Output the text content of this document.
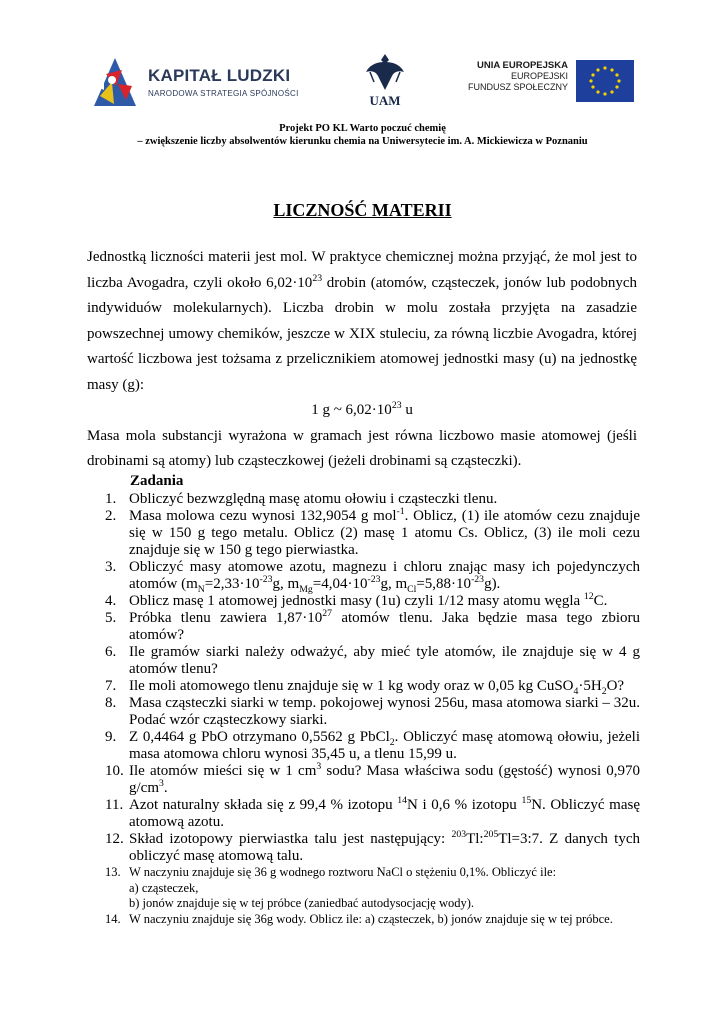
KAPITAŁ LUDZKI
NARODOWA STRATEGIA SPÓJNOŚCI	UAM
UNIA EUROPEJSKA
EUROPEJSKI
FUNDUSZ SPOŁECZNY
Projekt PO KL Warto poczuć chemię
– zwiększenie liczby absolwentów kierunku chemia na Uniwersytecie im. A. Mickiewicza w Poznaniu
LICZNOŚĆ MATERII

Jednostką liczności materii jest mol. W praktyce chemicznej można przyjąć, że mol jest to liczba Avogadra, czyli około $6,02\cdot 10^{23}$ drobin (atomów, cząsteczek, jonów lub podobnych indywiduów molekularnych). Liczba drobin w molu została przyjęta na zasadzie powszechnej umowy chemików, jeszcze w XIX stuleciu, za równą liczbie Avogadra, której wartość liczbowa jest tożsama z przelicznikiem atomowej jednostki masy (u) na jednostkę masy (g):

1 g ~ $6,02\cdot 10^{23}$ u

Masa mola substancji wyrażona w gramach jest równa liczbowo masie atomowej (jeśli drobinami są atomy) lub cząsteczkowej (jeżeli drobinami są cząsteczki).

Zadania
1. Obliczyć bezwzględną masę atomu ołowiu i cząsteczki tlenu.
2. Masa molowa cezu wynosi 132,9054 g mol$^{-1}$. Oblicz, (1) ile atomów cezu znajduje się w 150 g tego metalu. Oblicz (2) masę 1 atomu Cs. Oblicz, (3) ile moli cezu znajduje się w 150 g tego pierwiastka.
3. Obliczyć masy atomowe azotu, magnezu i chloru znając masy ich pojedynczych atomów ($m_N=2,33\cdot 10^{-23}g$, $m_{Mg}=4,04\cdot 10^{-23}g$, $m_{Cl}=5,88\cdot 10^{-23}g$).
4. Oblicz masę 1 atomowej jednostki masy (1u) czyli 1/12 masy atomu węgla $^{12}$C.
5. Próbka tlenu zawiera $1,87\cdot 10^{27}$ atomów tlenu. Jaka będzie masa tego zbioru atomów?
6. Ile gramów siarki należy odważyć, aby mieć tyle atomów, ile znajduje się w 4 g atomów tlenu?
7. Ile moli atomowego tlenu znajduje się w 1 kg wody oraz w 0,05 kg $CuSO_4\cdot 5H_2O$?
8. Masa cząsteczki siarki w temp. pokojowej wynosi 256u, masa atomowa siarki – 32u. Podać wzór cząsteczkowy siarki.
9. Z 0,4464 g PbO otrzymano 0,5562 g PbCl$_2$. Obliczyć masę atomową ołowiu, jeżeli masa atomowa chloru wynosi 35,45 u, a tlenu 15,99 u.
10. Ile atomów mieści się w 1 $cm^3$ sodu? Masa właściwa sodu (gęstość) wynosi 0,970 $g/cm^3$.
11. Azot naturalny składa się z 99,4 % izotopu $^{14}$N i 0,6 % izotopu $^{15}$N. Obliczyć masę atomową azotu.
12. Skład izotopowy pierwiastka talu jest następujący: $^{203}$Tl:$^{205}$Tl=3:7. Z danych tych obliczyć masę atomową talu.
13. W naczyniu znajduje się 36 g wodnego roztworu NaCl o stężeniu 0,1%. Obliczyć ile:
a) cząsteczek,
b) jonów znajduje się w tej próbce (zaniedbać autodysocjację wody).
14. W naczyniu znajduje się 36g wody. Oblicz ile: a) cząsteczek, b) jonów znajduje się w tej próbce.
